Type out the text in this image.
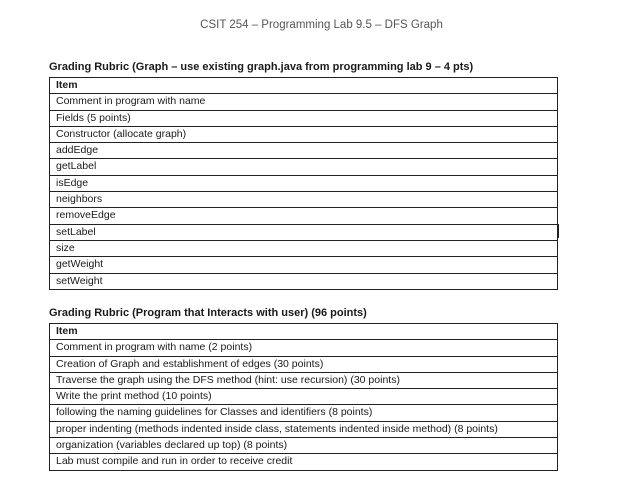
CSIT 254 – Programming Lab 9.5 – DFS Graph
Grading Rubric (Graph – use existing graph.java from programming lab 9 – 4 pts)
Item
Comment in program with name
Fields (5 points)
Constructor (allocate graph)
addEdge
getLabel
isEdge
neighbors
removeEdge
setLabel
size
getWeight
setWeight
Grading Rubric (Program that Interacts with user) (96 points)
Item
Comment in program with name (2 points)
Creation of Graph and establishment of edges (30 points)
Traverse the graph using the DFS method (hint: use recursion) (30 points)
Write the print method (10 points)
following the naming guidelines for Classes and identifiers (8 points)
proper indenting (methods indented inside class, statements indented inside method) (8 points)
organization (variables declared up top) (8 points)
Lab must compile and run in order to receive credit
